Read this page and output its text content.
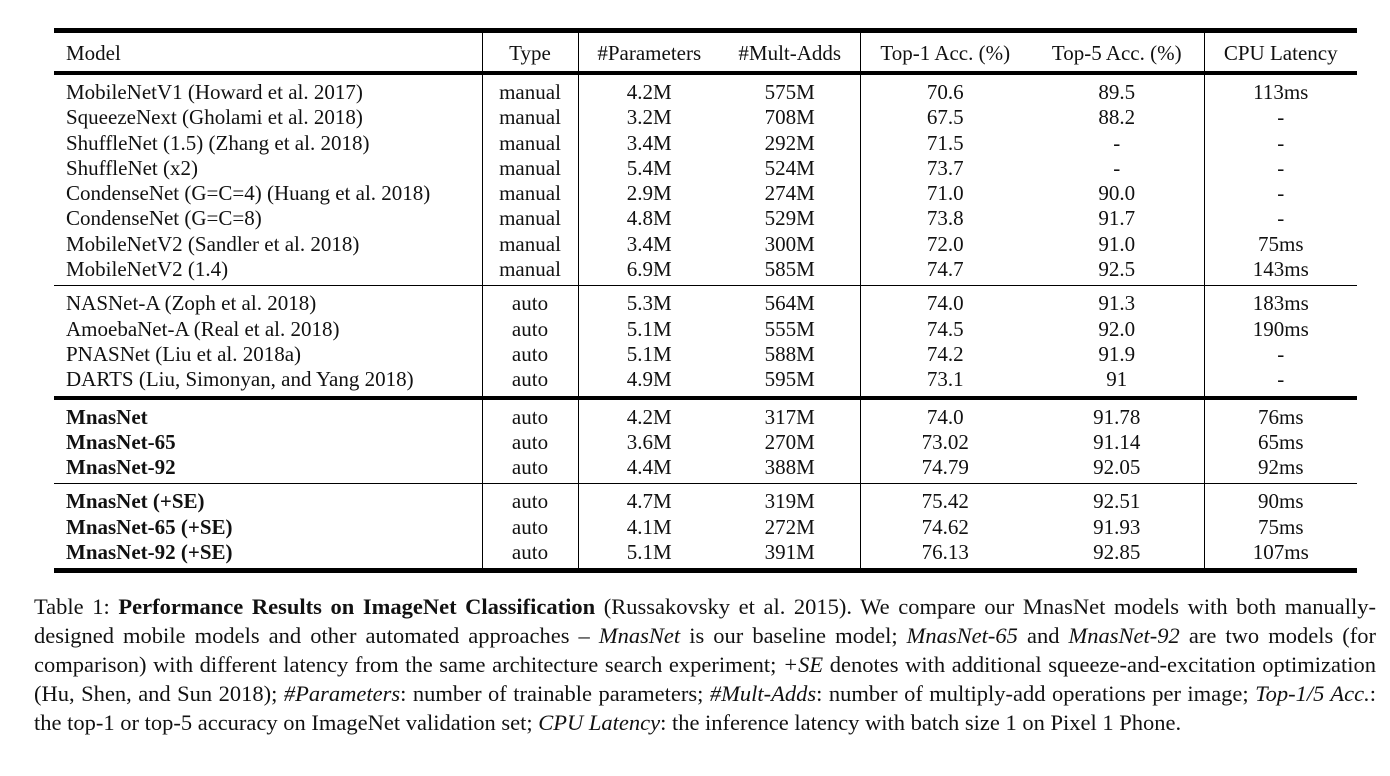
Model	Type	#Parameters	#Mult-Adds	Top-1 Acc. (%)	Top-5 Acc. (%)	CPU Latency
MobileNetV1 (Howard et al. 2017)	manual	4.2M	575M	70.6	89.5	113ms
SqueezeNext (Gholami et al. 2018)	manual	3.2M	708M	67.5	88.2	-
ShuffleNet (1.5) (Zhang et al. 2018)	manual	3.4M	292M	71.5	-	-
ShuffleNet (x2)	manual	5.4M	524M	73.7	-	-
CondenseNet (G=C=4) (Huang et al. 2018)	manual	2.9M	274M	71.0	90.0	-
CondenseNet (G=C=8)	manual	4.8M	529M	73.8	91.7	-
MobileNetV2 (Sandler et al. 2018)	manual	3.4M	300M	72.0	91.0	75ms
MobileNetV2 (1.4)	manual	6.9M	585M	74.7	92.5	143ms
NASNet-A (Zoph et al. 2018)	auto	5.3M	564M	74.0	91.3	183ms
AmoebaNet-A (Real et al. 2018)	auto	5.1M	555M	74.5	92.0	190ms
PNASNet (Liu et al. 2018a)	auto	5.1M	588M	74.2	91.9	-
DARTS (Liu, Simonyan, and Yang 2018)	auto	4.9M	595M	73.1	91	-
MnasNet	auto	4.2M	317M	74.0	91.78	76ms
MnasNet-65	auto	3.6M	270M	73.02	91.14	65ms
MnasNet-92	auto	4.4M	388M	74.79	92.05	92ms
MnasNet (+SE)	auto	4.7M	319M	75.42	92.51	90ms
MnasNet-65 (+SE)	auto	4.1M	272M	74.62	91.93	75ms
MnasNet-92 (+SE)	auto	5.1M	391M	76.13	92.85	107ms
Table 1: Performance Results on ImageNet Classification (Russakovsky et al. 2015). We compare our MnasNet models with both manually-designed mobile models and other automated approaches – MnasNet is our baseline model; MnasNet-65 and MnasNet-92 are two models (for comparison) with different latency from the same architecture search experiment; +SE denotes with additional squeeze-and-excitation optimization (Hu, Shen, and Sun 2018); #Parameters: number of trainable parameters; #Mult-Adds: number of multiply-add operations per image; Top-1/5 Acc.: the top-1 or top-5 accuracy on ImageNet validation set; CPU Latency: the inference latency with batch size 1 on Pixel 1 Phone.
